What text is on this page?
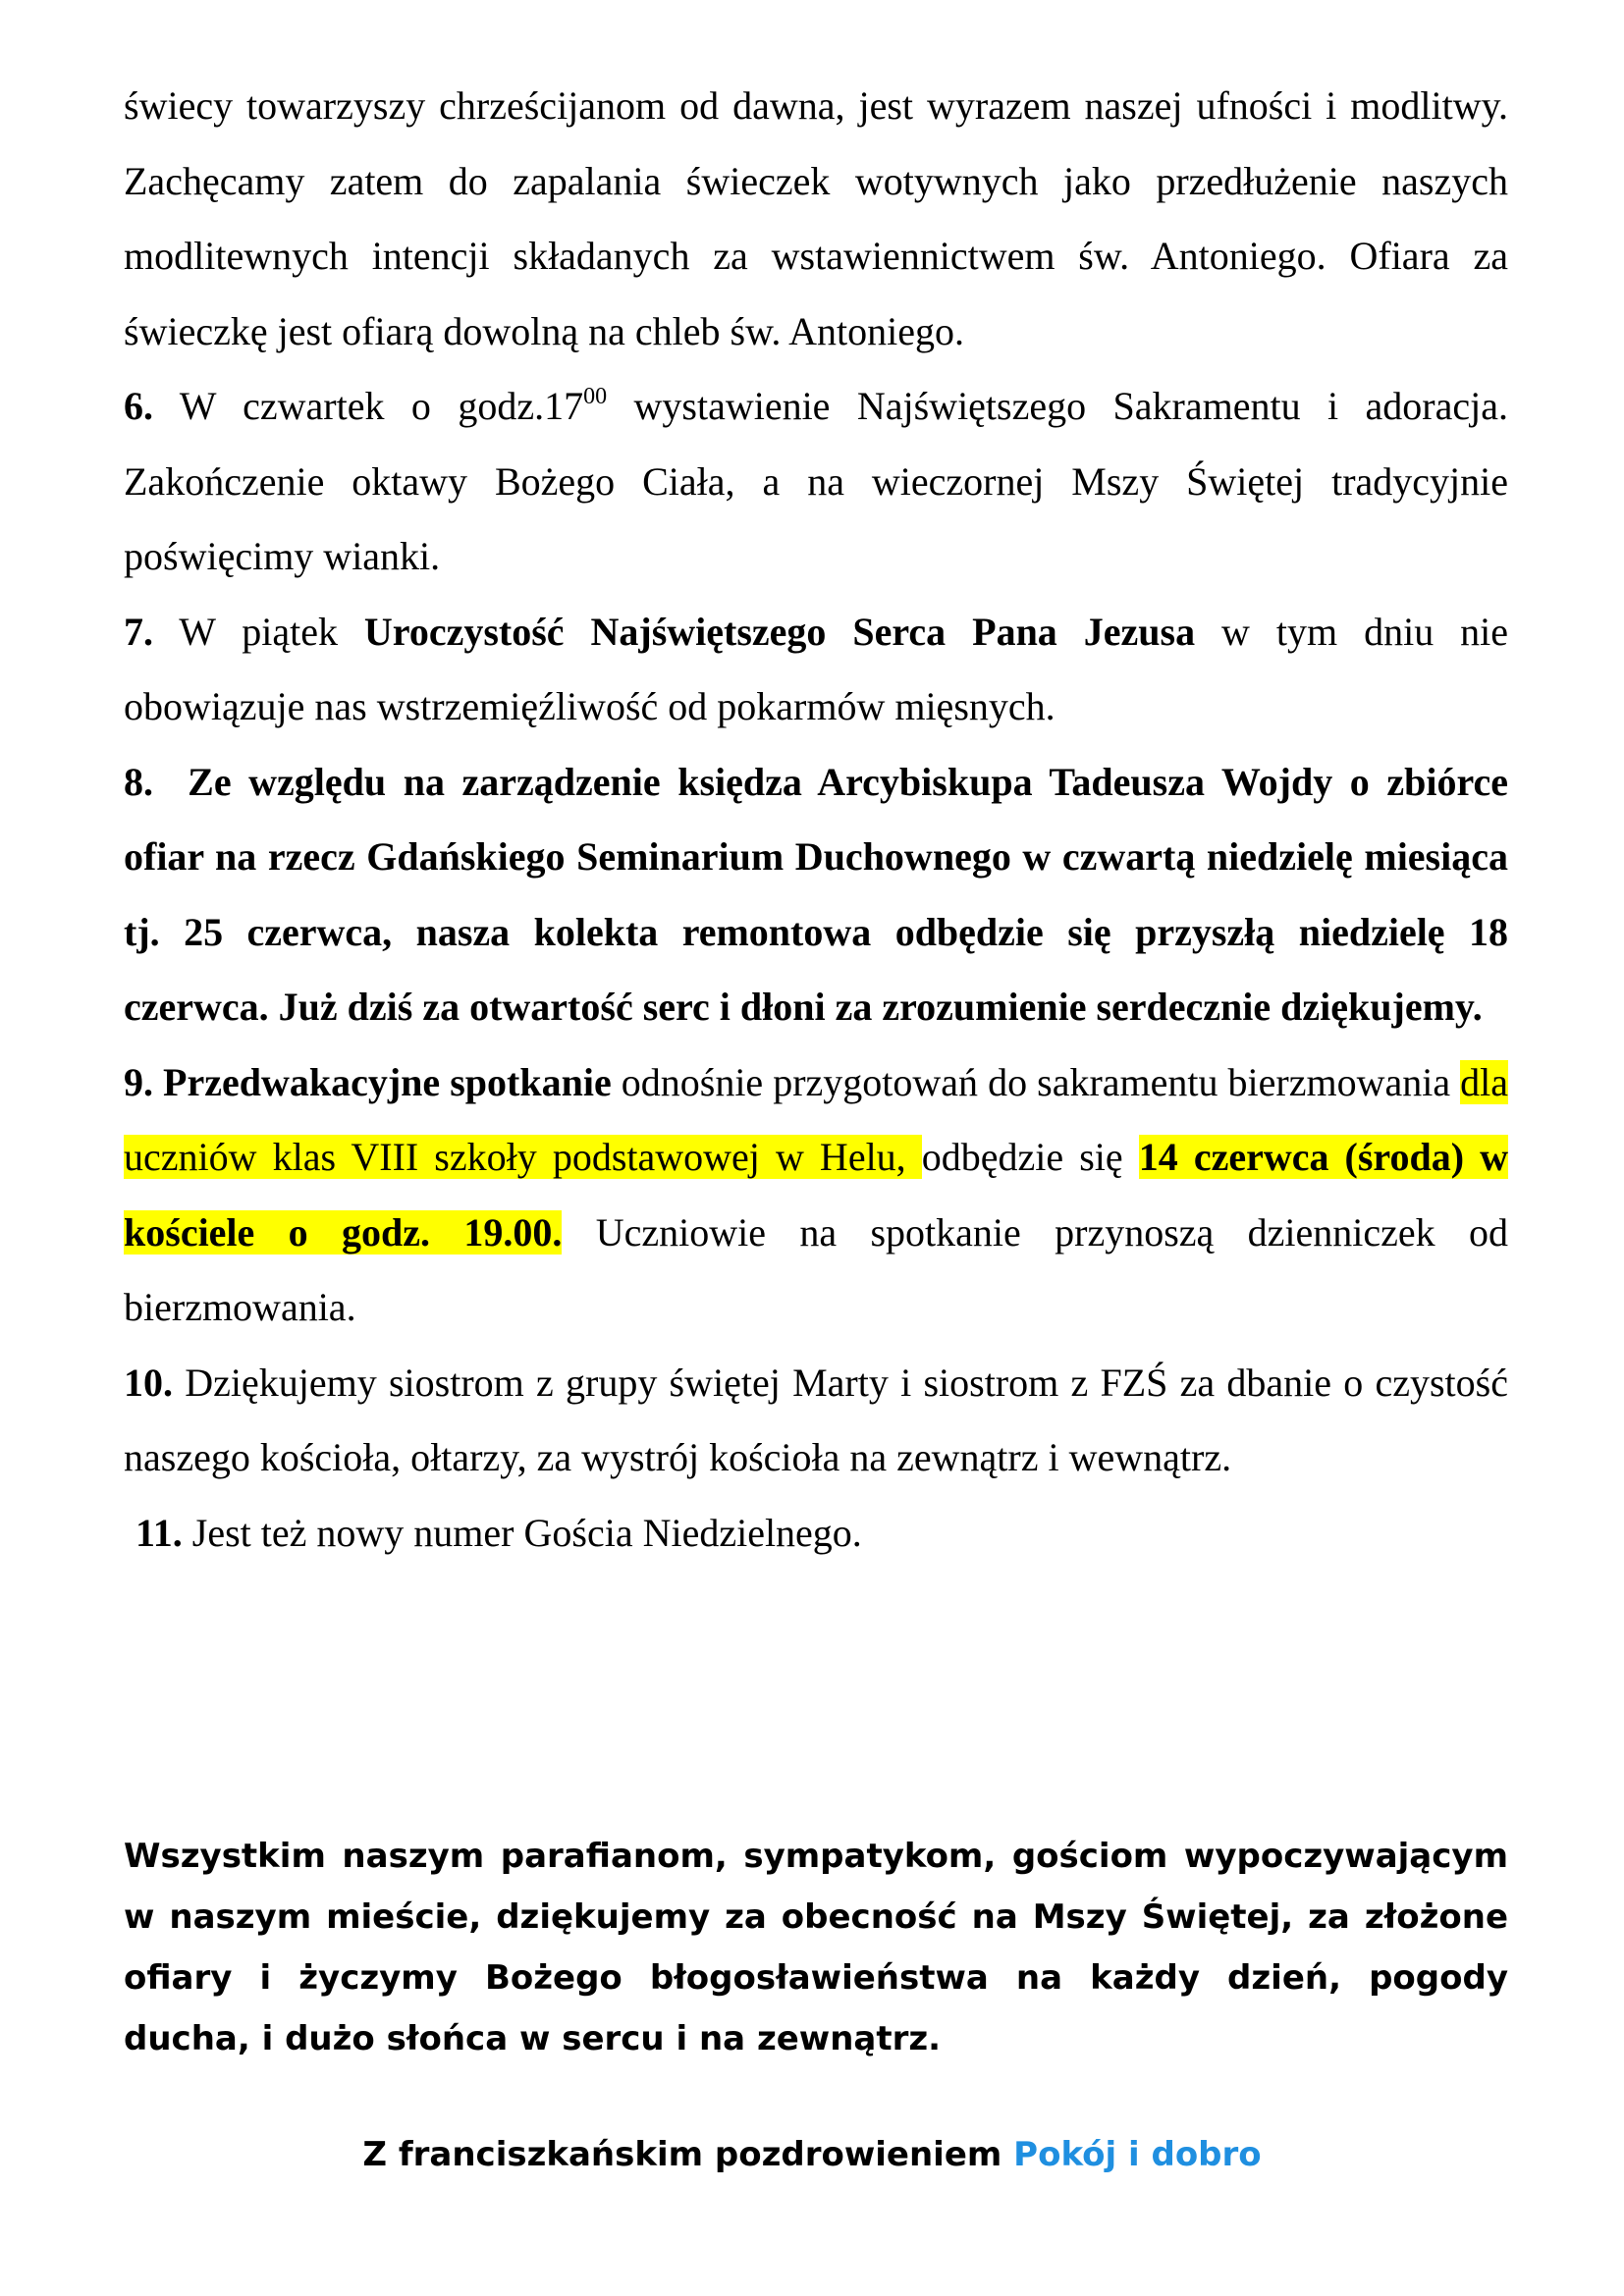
świecy towarzyszy chrześcijanom od dawna, jest wyrazem naszej ufności i modlitwy. Zachęcamy zatem do zapalania świeczek wotywnych jako przedłużenie naszych modlitewnych intencji składanych za wstawiennictwem św. Antoniego. Ofiara za świeczkę jest ofiarą dowolną na chleb św. Antoniego.

6. W czwartek o $godz.17^{00}$ wystawienie Najświętszego Sakramentu i adoracja. Zakończenie oktawy Bożego Ciała, a na wieczornej Mszy Świętej tradycyjnie poświęcimy wianki.

7. W piątek Uroczystość Najświętszego Serca Pana Jezusa w tym dniu nie obowiązuje nas wstrzemięźliwość od pokarmów mięsnych.

8.  Ze względu na zarządzenie księdza Arcybiskupa Tadeusza Wojdy o zbiórce ofiar na rzecz Gdańskiego Seminarium Duchownego w czwartą niedzielę miesiąca tj. 25 czerwca, nasza kolekta remontowa odbędzie się przyszłą niedzielę 18 czerwca. Już dziś za otwartość serc i dłoni za zrozumienie serdecznie dziękujemy.

9. Przedwakacyjne spotkanie odnośnie przygotowań do sakramentu bierzmowania dla uczniów klas VIII szkoły podstawowej w Helu, odbędzie się 14 czerwca (środa) w kościele o godz. 19.00. Uczniowie na spotkanie przynoszą dzienniczek od bierzmowania.

10. Dziękujemy siostrom z grupy świętej Marty i siostrom z FZŚ za dbanie o czystość naszego kościoła, ołtarzy, za wystrój kościoła na zewnątrz i wewnątrz.

11. Jest też nowy numer Gościa Niedzielnego.

Wszystkim naszym parafianom, sympatykom, gościom wypoczywającym w naszym mieście, dziękujemy za obecność na Mszy Świętej, za złożone ofiary i życzymy Bożego błogosławieństwa na każdy dzień, pogody ducha, i dużo słońca w sercu i na zewnątrz.
Z franciszkańskim pozdrowieniem Pokój i dobro
